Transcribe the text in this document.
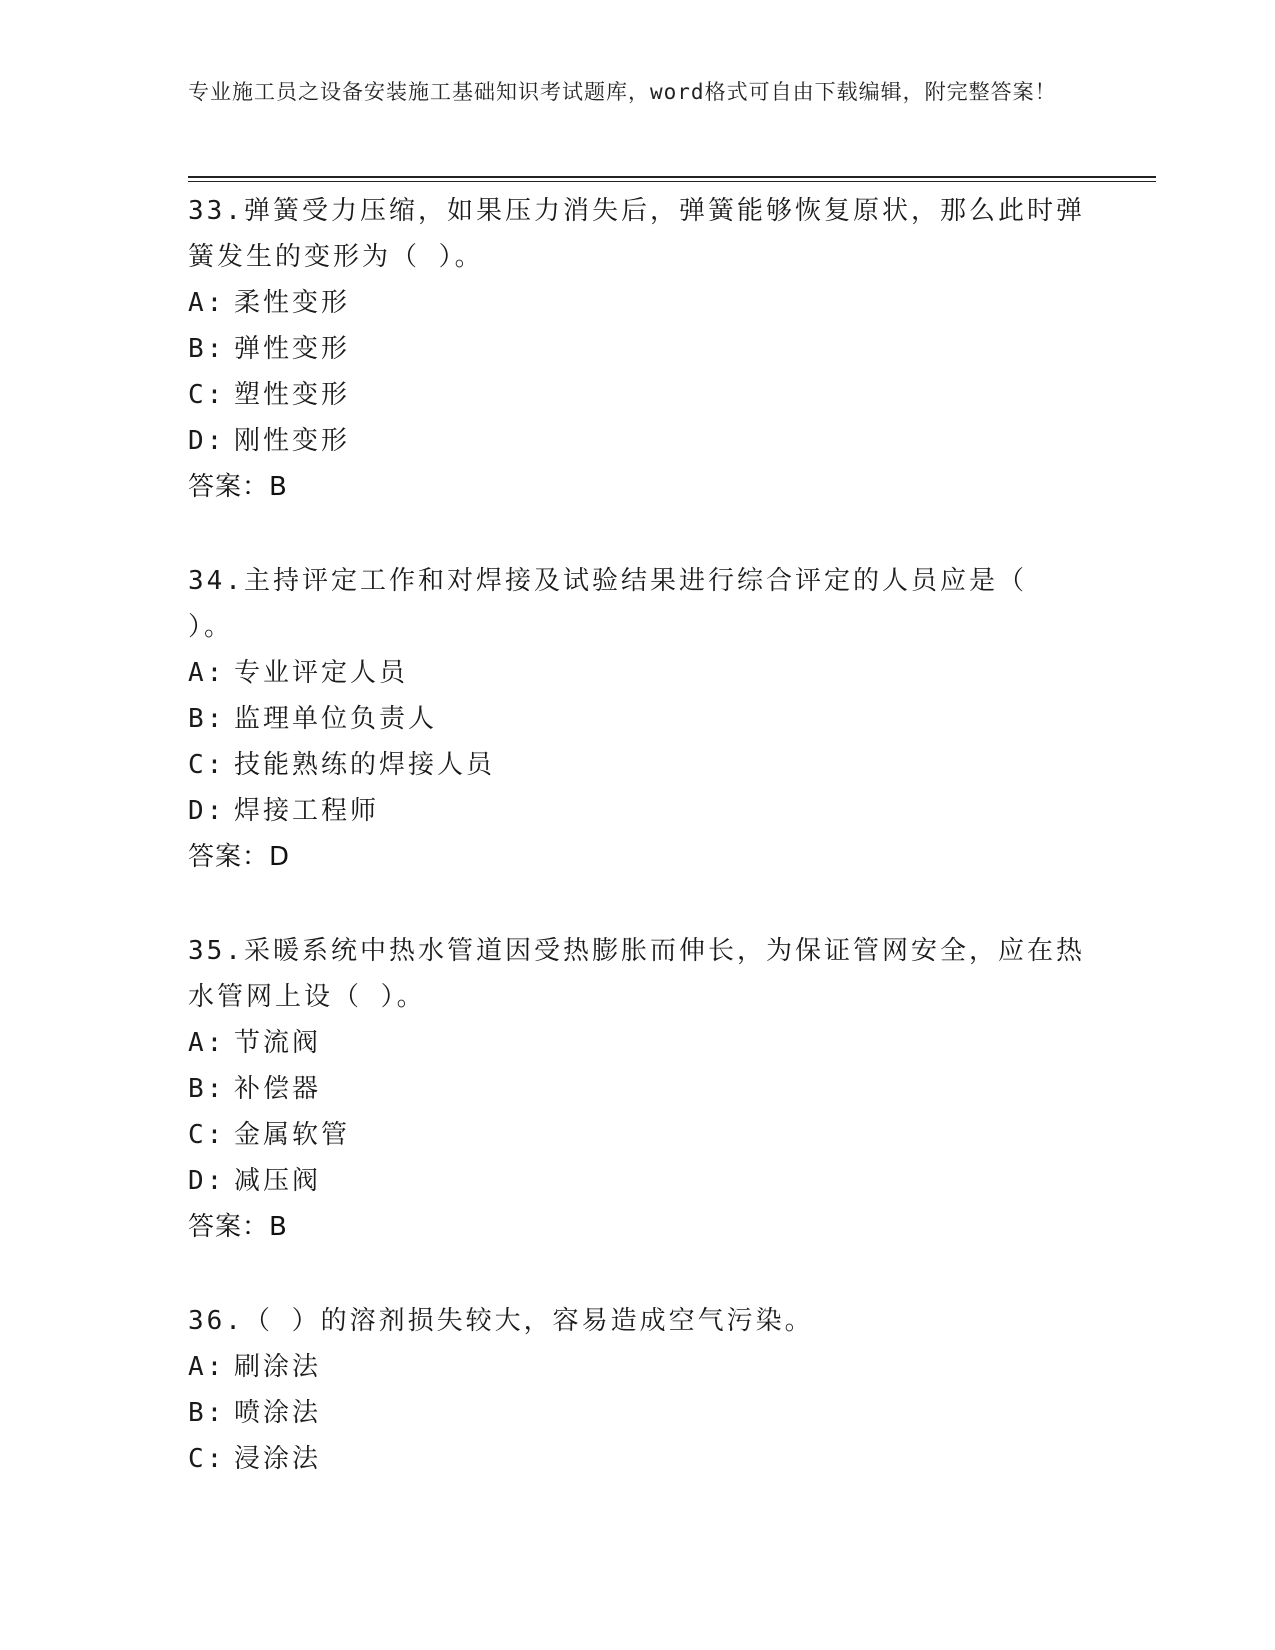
专业施工员之设备安装施工基础知识考试题库，word格式可自由下载编辑，附完整答案！

33.弹簧受力压缩，如果压力消失后，弹簧能够恢复原状，那么此时弹簧发生的变形为（ ）。

A: 柔性变形

B: 弹性变形

C: 塑性变形

D: 刚性变形

答案：B

34.主持评定工作和对焊接及试验结果进行综合评定的人员应是（ ）。

A: 专业评定人员

B: 监理单位负责人

C: 技能熟练的焊接人员

D: 焊接工程师

答案：D

35.采暖系统中热水管道因受热膨胀而伸长，为保证管网安全，应在热水管网上设（ ）。

A: 节流阀

B: 补偿器

C: 金属软管

D: 减压阀

答案：B

36.（ ）的溶剂损失较大，容易造成空气污染。

A: 刷涂法

B: 喷涂法

C: 浸涂法
